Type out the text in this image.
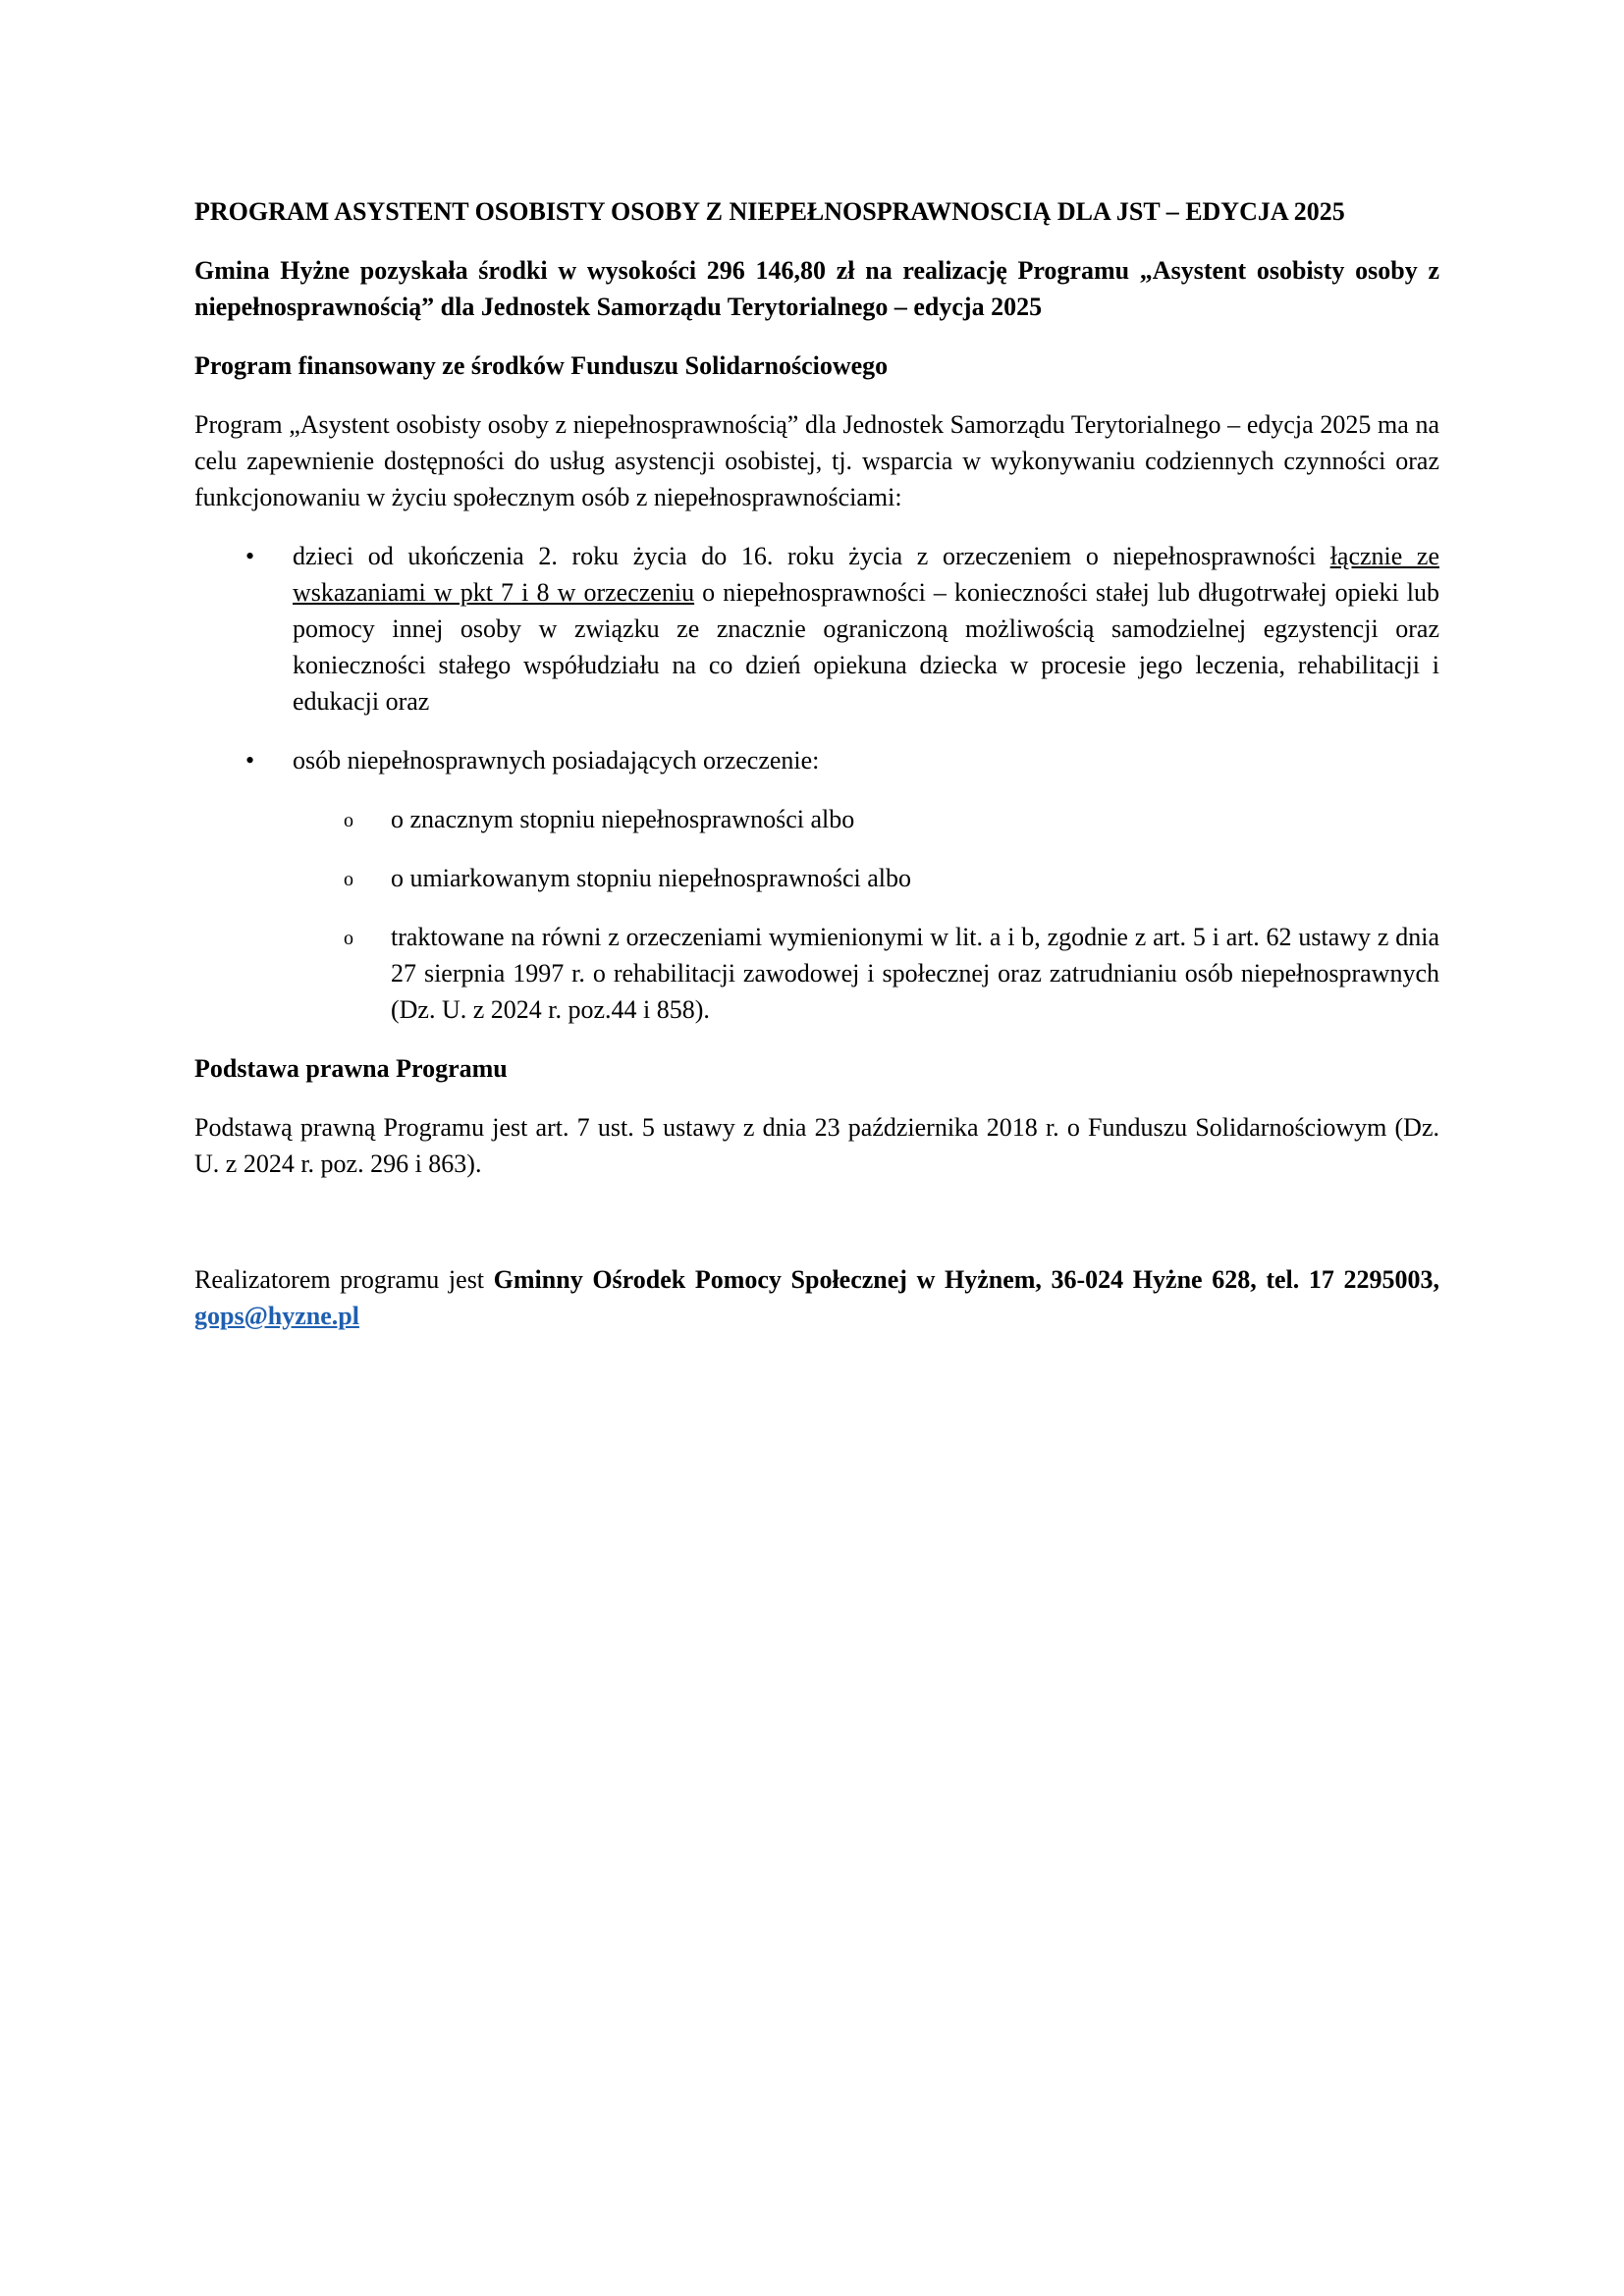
PROGRAM ASYSTENT OSOBISTY OSOBY Z NIEPEŁNOSPRAWNOSCIĄ DLA JST – EDYCJA 2025

Gmina Hyżne pozyskała środki w wysokości 296 146,80 zł na realizację Programu „Asystent osobisty osoby z niepełnosprawnością” dla Jednostek Samorządu Terytorialnego – edycja 2025

Program finansowany ze środków Funduszu Solidarnościowego

Program „Asystent osobisty osoby z niepełnosprawnością” dla Jednostek Samorządu Terytorialnego – edycja 2025 ma na celu zapewnienie dostępności do usług asystencji osobistej, tj. wsparcia w wykonywaniu codziennych czynności oraz funkcjonowaniu w życiu społecznym osób z niepełnosprawnościami:

• dzieci od ukończenia 2. roku życia do 16. roku życia z orzeczeniem o niepełnosprawności łącznie ze wskazaniami w pkt 7 i 8 w orzeczeniu o niepełnosprawności – konieczności stałej lub długotrwałej opieki lub pomocy innej osoby w związku ze znacznie ograniczoną możliwością samodzielnej egzystencji oraz konieczności stałego współudziału na co dzień opiekuna dziecka w procesie jego leczenia, rehabilitacji i edukacji oraz
• osób niepełnosprawnych posiadających orzeczenie:
o o znacznym stopniu niepełnosprawności albo
o o umiarkowanym stopniu niepełnosprawności albo
o traktowane na równi z orzeczeniami wymienionymi w lit. a i b, zgodnie z art. 5 i art. 62 ustawy z dnia 27 sierpnia 1997 r. o rehabilitacji zawodowej i społecznej oraz zatrudnianiu osób niepełnosprawnych (Dz. U. z 2024 r. poz.44 i 858).

Podstawa prawna Programu

Podstawą prawną Programu jest art. 7 ust. 5 ustawy z dnia 23 października 2018 r. o Funduszu Solidarnościowym (Dz. U. z 2024 r. poz. 296 i 863).

Realizatorem programu jest Gminny Ośrodek Pomocy Społecznej w Hyżnem, 36-024 Hyżne 628, tel. 17 2295003, gops@hyzne.pl
